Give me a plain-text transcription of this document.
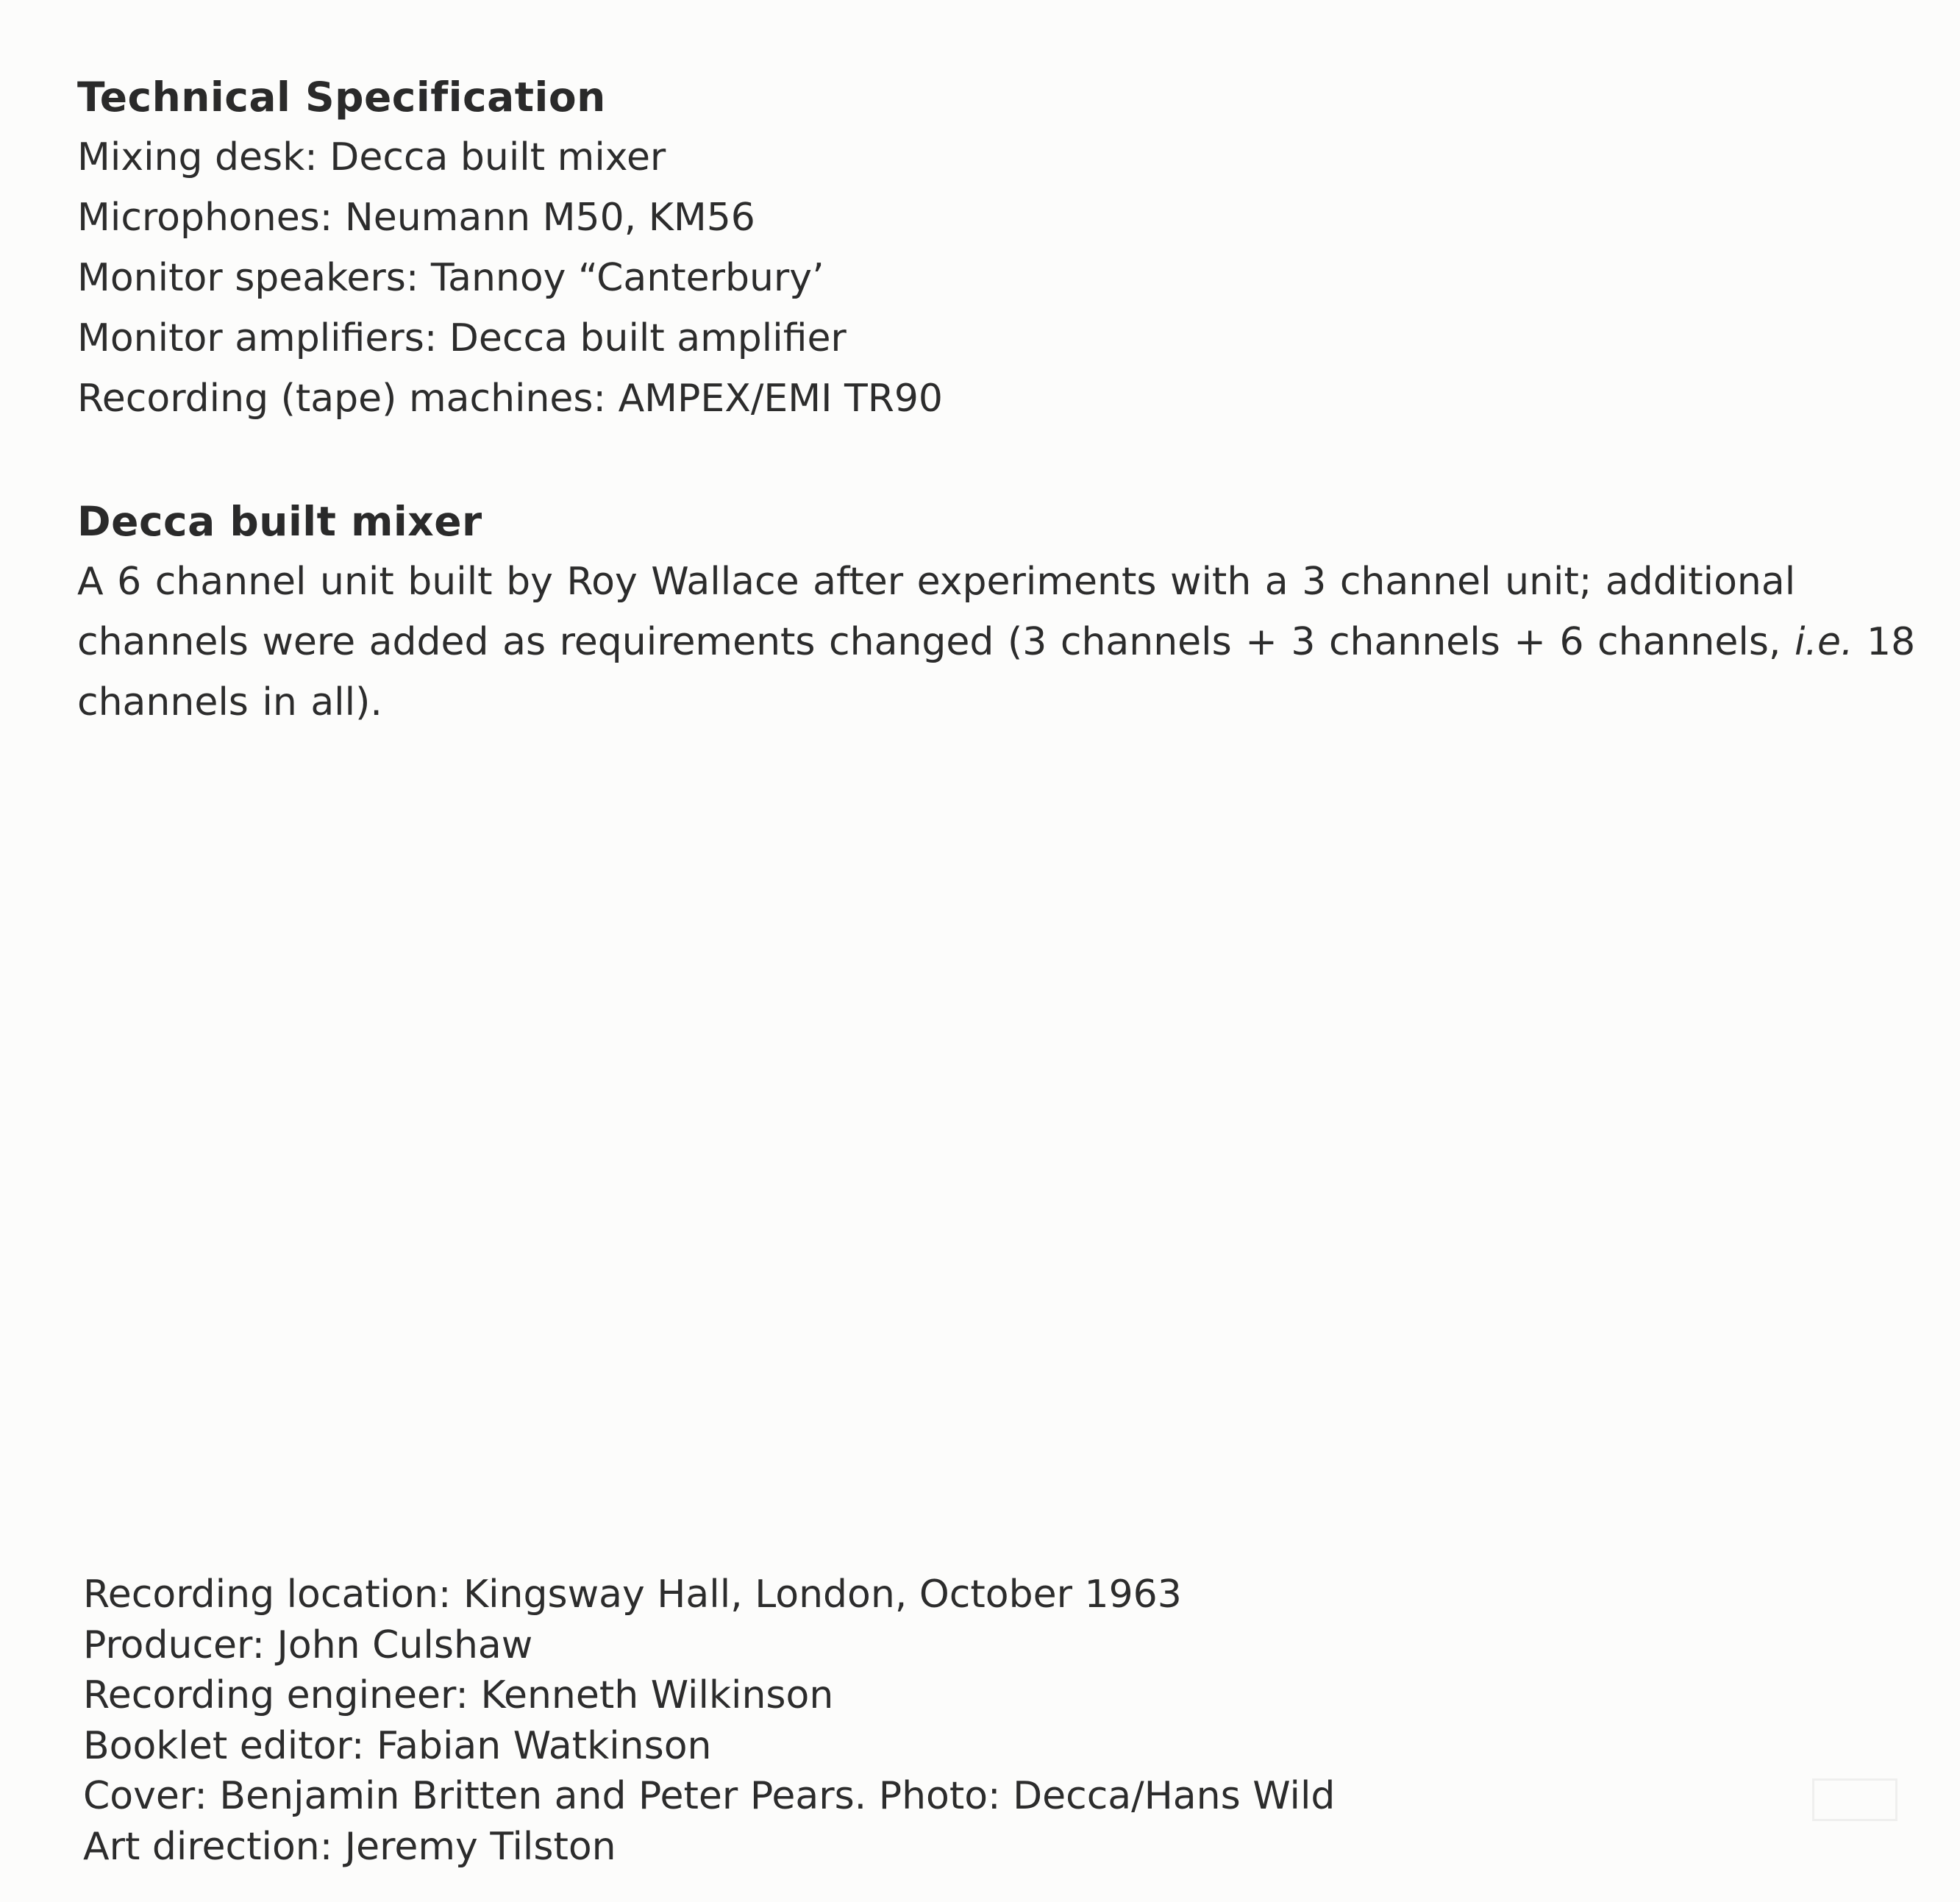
Technical Specification
Mixing desk: Decca built mixer
Microphones: Neumann M50, KM56
Monitor speakers: Tannoy “Canterbury’
Monitor amplifiers: Decca built amplifier
Recording (tape) machines: AMPEX/EMI TR90
Decca built mixer
A 6 channel unit built by Roy Wallace after experiments with a 3 channel unit; additional channels were added as requirements changed (3 channels + 3 channels + 6 channels, i.e. 18 channels in all).
Recording location: Kingsway Hall, London, October 1963
Producer: John Culshaw
Recording engineer: Kenneth Wilkinson
Booklet editor: Fabian Watkinson
Cover: Benjamin Britten and Peter Pears. Photo: Decca/Hans Wild
Art direction: Jeremy Tilston
